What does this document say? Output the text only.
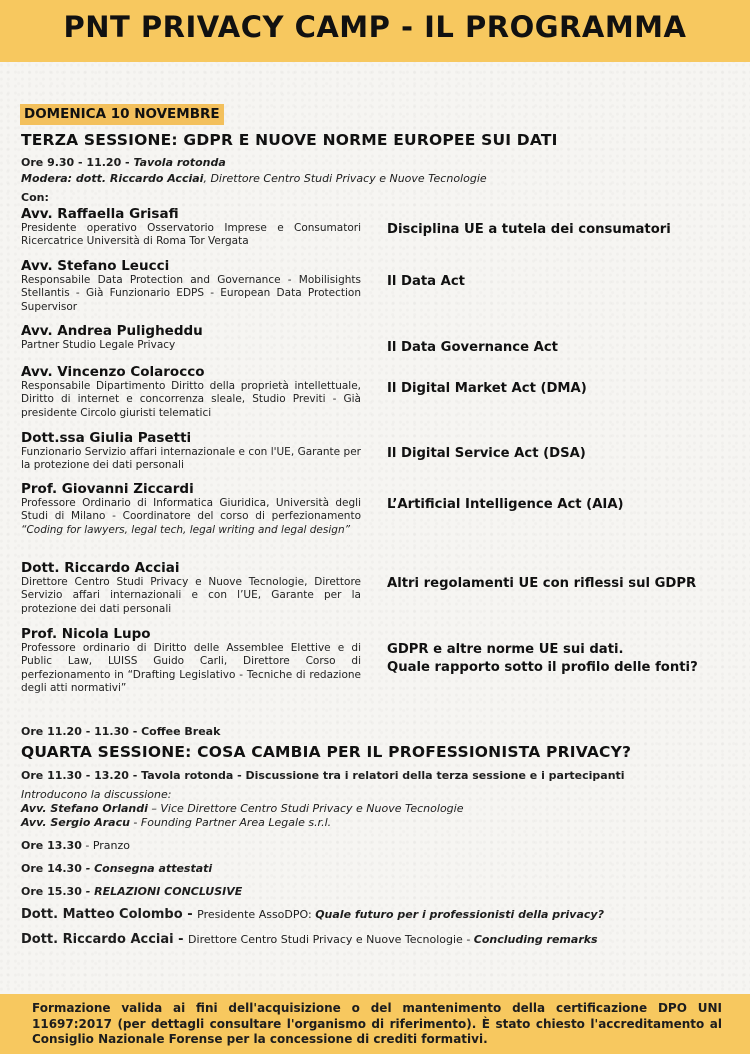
PNT PRIVACY CAMP - IL PROGRAMMA
DOMENICA 10 NOVEMBRE
TERZA SESSIONE: GDPR E NUOVE NORME EUROPEE SUI DATI
Ore 9.30 - 11.20 - Tavola rotonda
Modera: dott. Riccardo Acciai, Direttore Centro Studi Privacy e Nuove Tecnologie
Con:
Avv. Raffaella Grisafi
Presidente operativo Osservatorio Imprese e Consumatori Ricercatrice Università di Roma Tor Vergata
Disciplina UE a tutela dei consumatori
Avv. Stefano Leucci
Responsabile Data Protection and Governance - Mobilisights Stellantis - Già Funzionario EDPS - European Data Protection Supervisor
Il Data Act
Avv. Andrea Puligheddu
Partner Studio Legale Privacy	Il Data Governance Act
Avv. Vincenzo Colarocco
Responsabile Dipartimento Diritto della proprietà intellettuale, Diritto di internet e concorrenza sleale, Studio Previti - Già presidente Circolo giuristi telematici
Il Digital Market Act (DMA)
Dott.ssa Giulia Pasetti
Funzionario Servizio affari internazionale e con l'UE, Garante per la protezione dei dati personali
Il Digital Service Act (DSA)
Prof. Giovanni Ziccardi
Professore Ordinario di Informatica Giuridica, Università degli Studi di Milano - Coordinatore del corso di perfezionamento “Coding for lawyers, legal tech, legal writing and legal design”
L’Artificial Intelligence Act (AIA)
Dott. Riccardo Acciai
Direttore Centro Studi Privacy e Nuove Tecnologie, Direttore Servizio affari internazionali e con l’UE, Garante per la protezione dei dati personali
Altri regolamenti UE con riflessi sul GDPR
Prof. Nicola Lupo
Professore ordinario di Diritto delle Assemblee Elettive e di Public Law, LUISS Guido Carli, Direttore Corso di perfezionamento in “Drafting Legislativo - Tecniche di redazione degli atti normativi”
GDPR e altre norme UE sui dati.
Quale rapporto sotto il profilo delle fonti?
Ore 11.20 - 11.30 - Coffee Break
QUARTA SESSIONE: COSA CAMBIA PER IL PROFESSIONISTA PRIVACY?
Ore 11.30 - 13.20 - Tavola rotonda - Discussione tra i relatori della terza sessione e i partecipanti
Introducono la discussione:
Avv. Stefano Orlandi – Vice Direttore Centro Studi Privacy e Nuove Tecnologie
Avv. Sergio Aracu - Founding Partner Area Legale s.r.l.
Ore 13.30 - Pranzo
Ore 14.30 - Consegna attestati
Ore 15.30 - RELAZIONI CONCLUSIVE
Dott. Matteo Colombo - Presidente AssoDPO: Quale futuro per i professionisti della privacy?
Dott. Riccardo Acciai - Direttore Centro Studi Privacy e Nuove Tecnologie - Concluding remarks
Formazione valida ai fini dell'acquisizione o del mantenimento della certificazione DPO UNI 11697:2017 (per dettagli consultare l'organismo di riferimento). È stato chiesto l'accreditamento al Consiglio Nazionale Forense per la concessione di crediti formativi.
